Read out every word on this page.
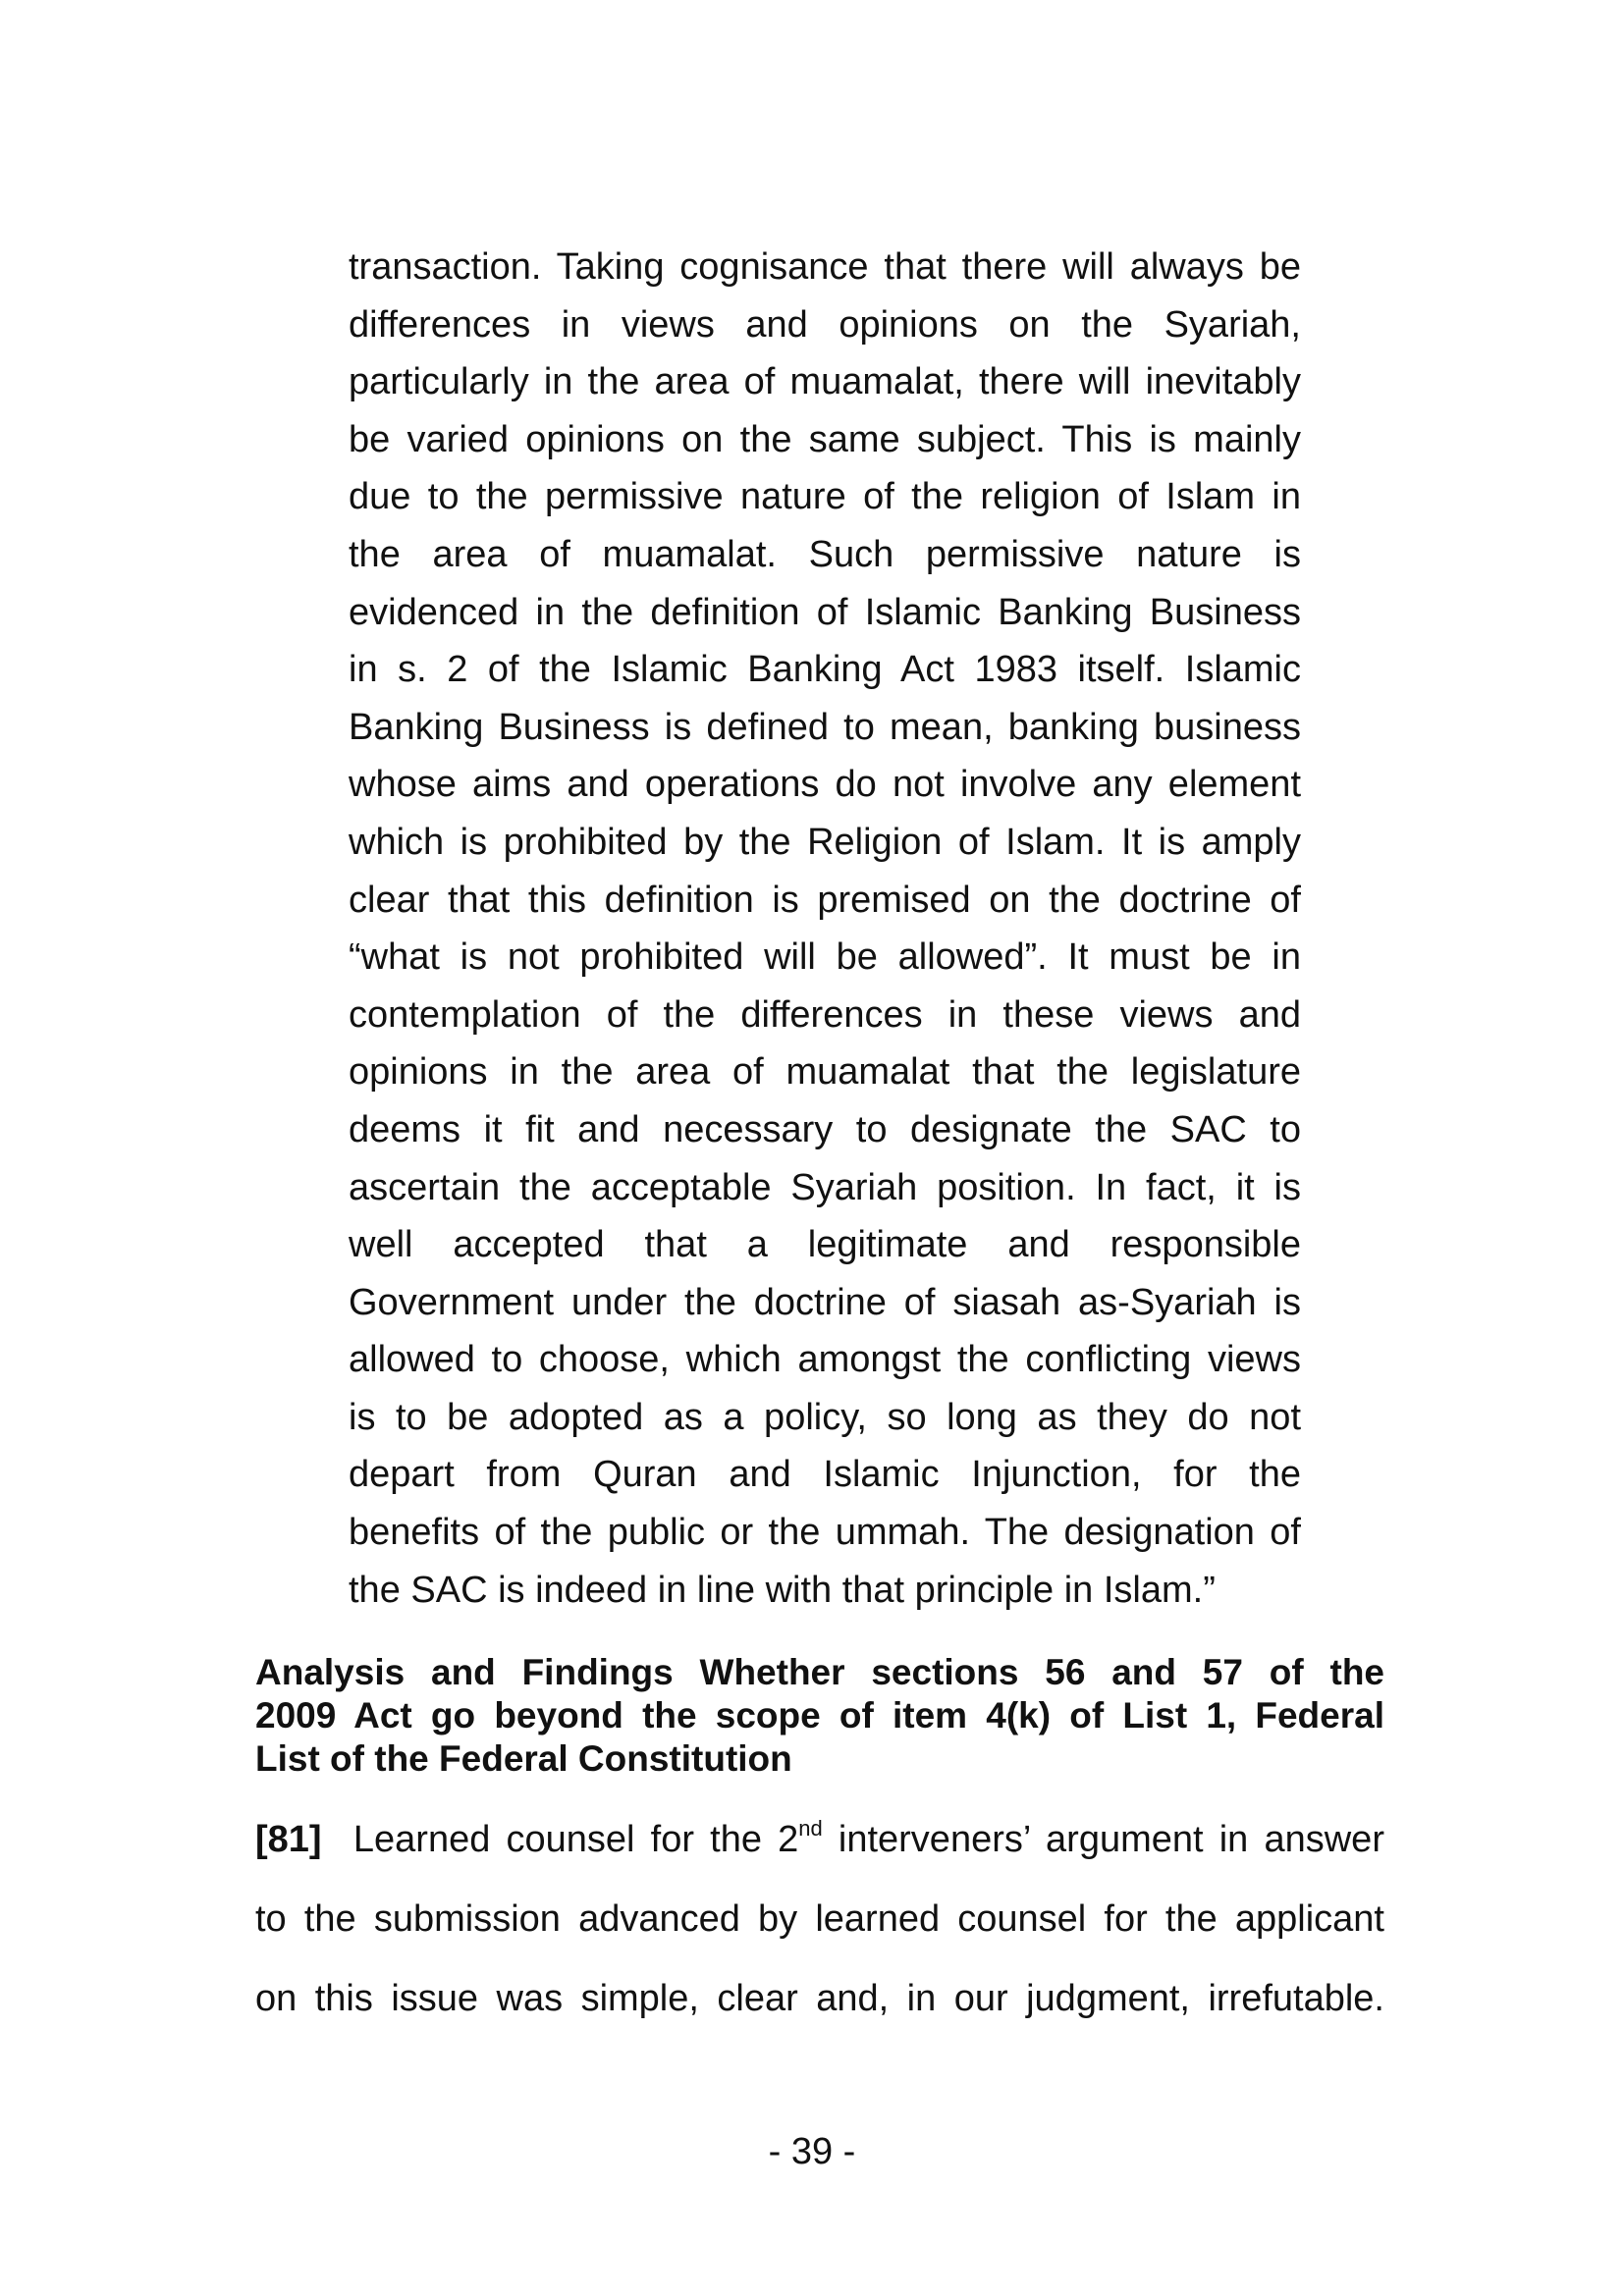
transaction. Taking cognisance that there will always be
differences in views and opinions on the Syariah,
particularly in the area of muamalat, there will inevitably
be varied opinions on the same subject. This is mainly
due to the permissive nature of the religion of Islam in
the area of muamalat. Such permissive nature is
evidenced in the definition of Islamic Banking Business
in s. 2 of the Islamic Banking Act 1983 itself. Islamic
Banking Business is defined to mean, banking business
whose aims and operations do not involve any element
which is prohibited by the Religion of Islam. It is amply
clear that this definition is premised on the doctrine of
“what is not prohibited will be allowed”. It must be in
contemplation of the differences in these views and
opinions in the area of muamalat that the legislature
deems it fit and necessary to designate the SAC to
ascertain the acceptable Syariah position. In fact, it is
well accepted that a legitimate and responsible
Government under the doctrine of siasah as-Syariah is
allowed to choose, which amongst the conflicting views
is to be adopted as a policy, so long as they do not
depart from Quran and Islamic Injunction, for the
benefits of the public or the ummah. The designation of
the SAC is indeed in line with that principle in Islam.”
Analysis and Findings Whether sections 56 and 57 of the
2009 Act go beyond the scope of item 4(k) of List 1, Federal
List of the Federal Constitution
[81] Learned counsel for the 2nd interveners’ argument in answer
to the submission advanced by learned counsel for the applicant
on this issue was simple, clear and, in our judgment, irrefutable.
- 39 -
